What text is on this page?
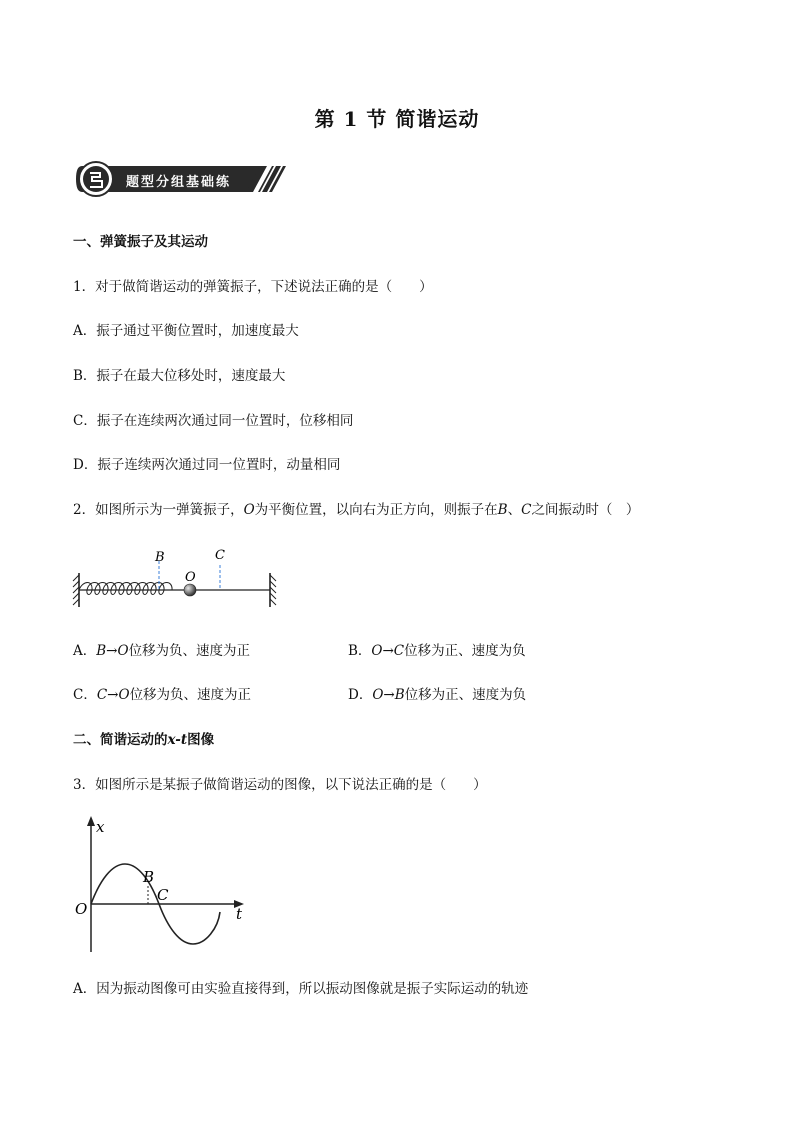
第 1 节 简谐运动
题型分组基础练
一、弹簧振子及其运动
1．对于做简谐运动的弹簧振子，下述说法正确的是（　　）
A．振子通过平衡位置时，加速度最大
B．振子在最大位移处时，速度最大
C．振子在连续两次通过同一位置时，位移相同
D．振子连续两次通过同一位置时，动量相同
2．如图所示为一弹簧振子，O为平衡位置，以向右为正方向，则振子在B、C之间振动时（　）
B	C
O
A．B→O位移为负、速度为正	B．O→C位移为正、速度为负
C．C→O位移为负、速度为正	D．O→B位移为正、速度为负
二、简谐运动的x-t图像
3．如图所示是某振子做简谐运动的图像，以下说法正确的是（　　）
x
t
O
B
C
A．因为振动图像可由实验直接得到，所以振动图像就是振子实际运动的轨迹
